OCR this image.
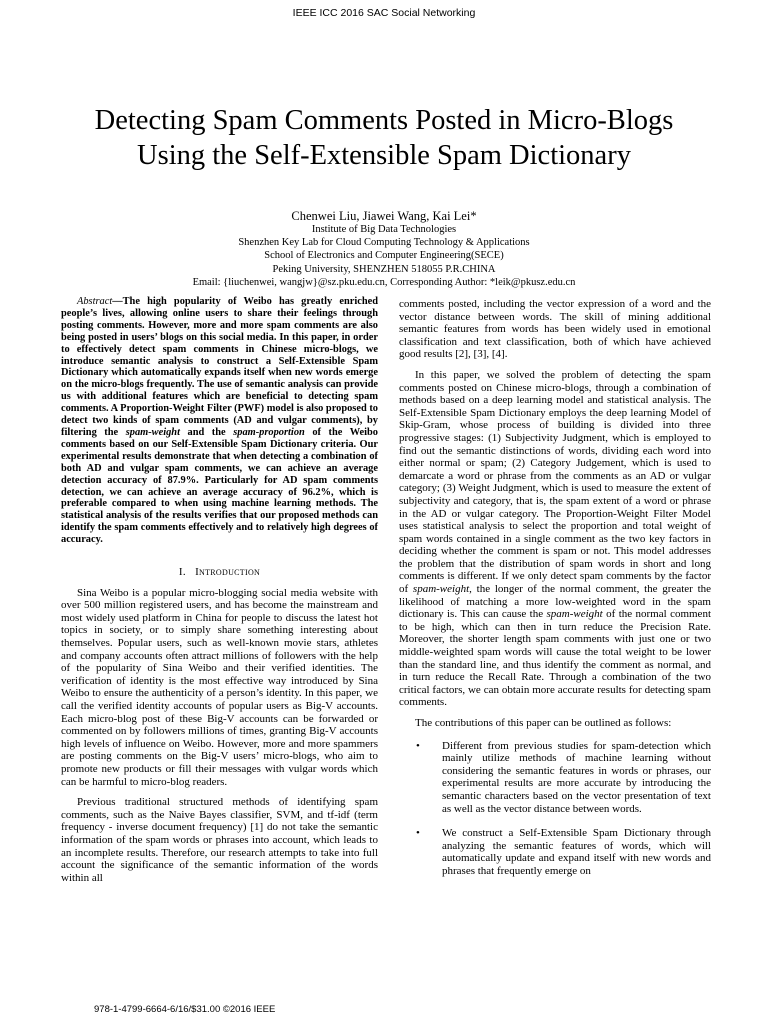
IEEE ICC 2016 SAC Social Networking
Detecting Spam Comments Posted in Micro-Blogs
Using the Self-Extensible Spam Dictionary
Chenwei Liu, Jiawei Wang, Kai Lei*
Institute of Big Data Technologies
Shenzhen Key Lab for Cloud Computing Technology & Applications
School of Electronics and Computer Engineering(SECE)
Peking University, SHENZHEN 518055 P.R.CHINA
Email: {liuchenwei, wangjw}@sz.pku.edu.cn, Corresponding Author: *leik@pkusz.edu.cn

Abstract—The high popularity of Weibo has greatly enriched people’s lives, allowing online users to share their feelings through posting comments. However, more and more spam comments are also being posted in users’ blogs on this social media. In this paper, in order to effectively detect spam comments in Chinese micro-blogs, we introduce semantic analysis to construct a Self-Extensible Spam Dictionary which automatically expands itself when new words emerge on the micro-blogs frequently. The use of semantic analysis can provide us with additional features which are beneficial to detecting spam comments. A Proportion-Weight Filter (PWF) model is also proposed to detect two kinds of spam comments (AD and vulgar comments), by filtering the spam-weight and the spam-proportion of the Weibo comments based on our Self-Extensible Spam Dictionary criteria. Our experimental results demonstrate that when detecting a combination of both AD and vulgar spam comments, we can achieve an average detection accuracy of 87.9%. Particularly for AD spam comments detection, we can achieve an average accuracy of 96.2%, which is preferable compared to when using machine learning methods. The statistical analysis of the results verifies that our proposed methods can identify the spam comments effectively and to relatively high degrees of accuracy.

I. Introduction

Sina Weibo is a popular micro-blogging social media website with over 500 million registered users, and has become the mainstream and most widely used platform in China for people to discuss the latest hot topics in society, or to simply share something interesting about themselves. Popular users, such as well-known movie stars, athletes and company accounts often attract millions of followers with the help of the popularity of Sina Weibo and their verified identities. The verification of identity is the most effective way introduced by Sina Weibo to ensure the authenticity of a person’s identity. In this paper, we call the verified identity accounts of popular users as Big-V accounts. Each micro-blog post of these Big-V accounts can be forwarded or commented on by followers millions of times, granting Big-V accounts high levels of influence on Weibo. However, more and more spammers are posting comments on the Big-V users’ micro-blogs, who aim to promote new products or fill their messages with vulgar words which can be harmful to micro-blog readers.

Previous traditional structured methods of identifying spam comments, such as the Naive Bayes classifier, SVM, and tf-idf (term frequency - inverse document frequency) [1] do not take the semantic information of the spam words or phrases into account, which leads to an incomplete results. Therefore, our research attempts to take into full account the significance of the semantic information of the words within all

comments posted, including the vector expression of a word and the vector distance between words. The skill of mining additional semantic features from words has been widely used in emotional classification and text classification, both of which have achieved good results [2], [3], [4].

In this paper, we solved the problem of detecting the spam comments posted on Chinese micro-blogs, through a combination of methods based on a deep learning model and statistical analysis. The Self-Extensible Spam Dictionary employs the deep learning Model of Skip-Gram, whose process of building is divided into three progressive stages: (1) Subjectivity Judgment, which is employed to find out the semantic distinctions of words, dividing each word into either normal or spam; (2) Category Judgement, which is used to demarcate a word or phrase from the comments as an AD or vulgar category; (3) Weight Judgment, which is used to measure the extent of subjectivity and category, that is, the spam extent of a word or phrase in the AD or vulgar category. The Proportion-Weight Filter Model uses statistical analysis to select the proportion and total weight of spam words contained in a single comment as the two key factors in deciding whether the comment is spam or not. This model addresses the problem that the distribution of spam words in short and long comments is different. If we only detect spam comments by the factor of spam-weight, the longer of the normal comment, the greater the likelihood of matching a more low-weighted word in the spam dictionary is. This can cause the spam-weight of the normal comment to be high, which can then in turn reduce the Precision Rate. Moreover, the shorter length spam comments with just one or two middle-weighted spam words will cause the total weight to be lower than the standard line, and thus identify the comment as normal, and in turn reduce the Recall Rate. Through a combination of the two critical factors, we can obtain more accurate results for detecting spam comments.

The contributions of this paper can be outlined as follows:

• Different from previous studies for spam-detection which mainly utilize methods of machine learning without considering the semantic features in words or phrases, our experimental results are more accurate by introducing the semantic characters based on the vector presentation of text as well as the vector distance between words.
• We construct a Self-Extensible Spam Dictionary through analyzing the semantic features of words, which will automatically update and expand itself with new words and phrases that frequently emerge on
978-1-4799-6664-6/16/$31.00 ©2016 IEEE
